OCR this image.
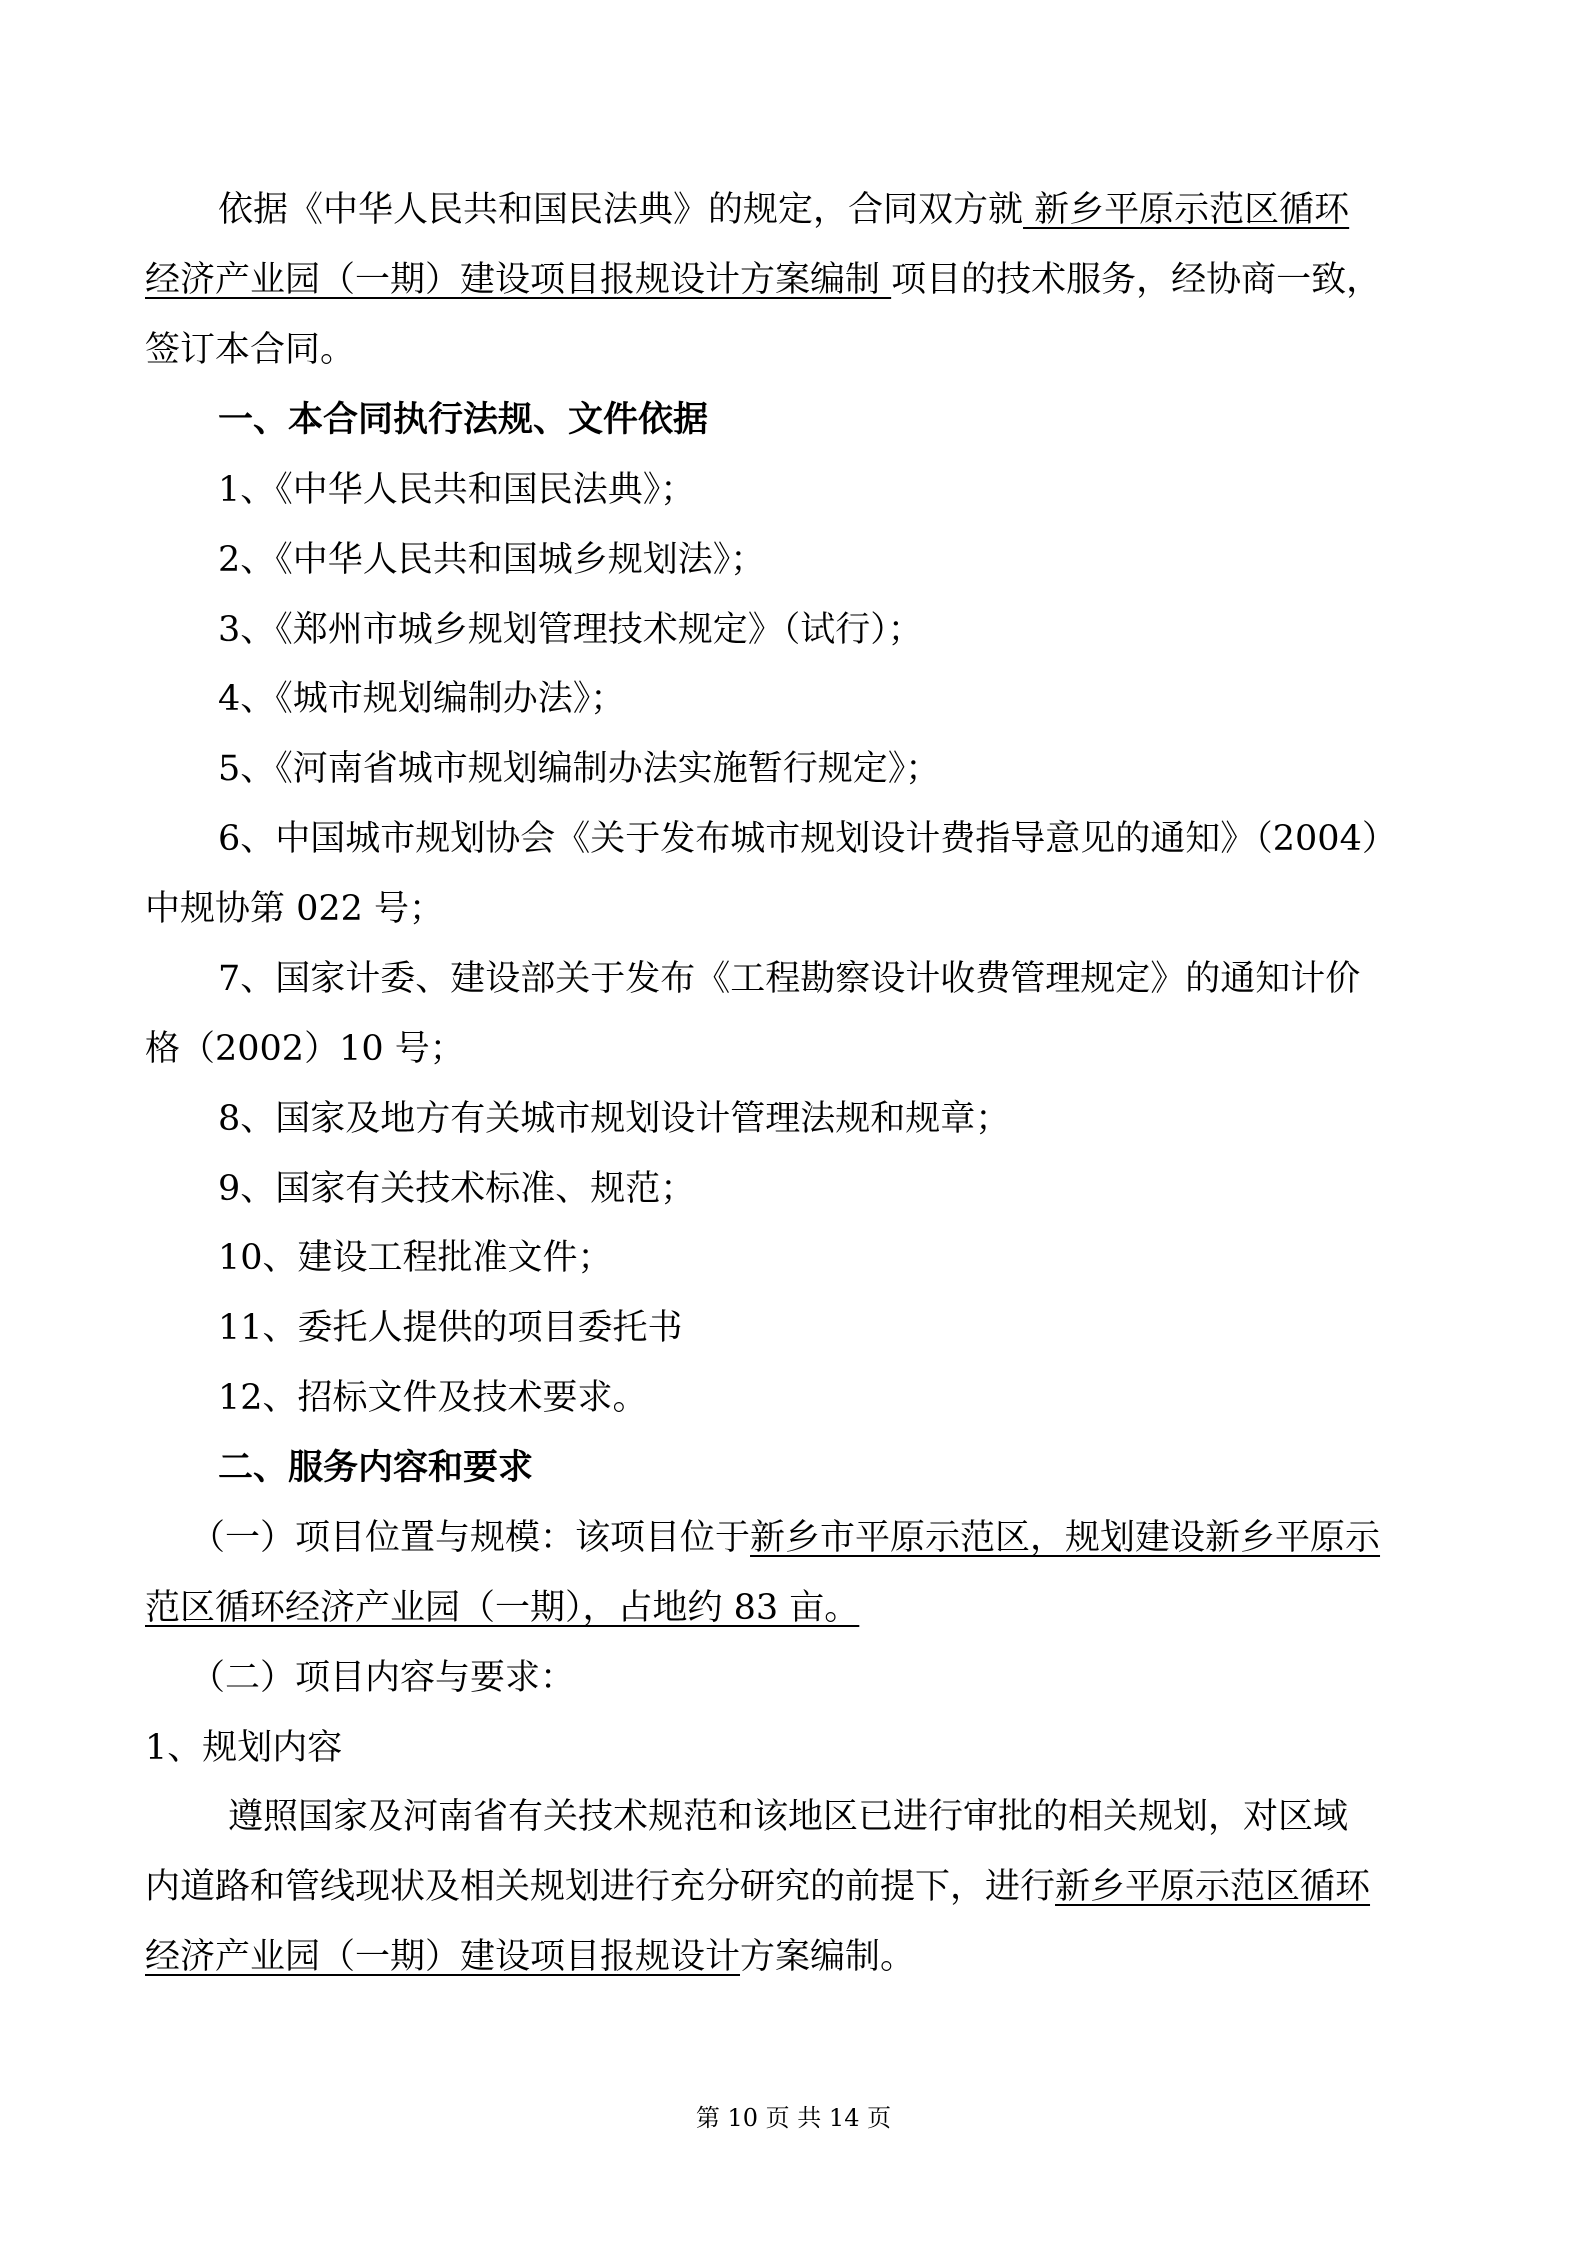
依据《中华人民共和国民法典》的规定，合同双方就 新乡平原示范区循环
经济产业园（一期）建设项目报规设计方案编制 项目的技术服务，经协商一致，
签订本合同。
一、本合同执行法规、文件依据
1、《中华人民共和国民法典》；
2、《中华人民共和国城乡规划法》；
3、《郑州市城乡规划管理技术规定》（试行）；
4、《城市规划编制办法》；
5、《河南省城市规划编制办法实施暂行规定》；
6、中国城市规划协会《关于发布城市规划设计费指导意见的通知》（2004）
中规协第 022 号；
7、国家计委、建设部关于发布《工程勘察设计收费管理规定》的通知计价
格（2002）10 号；
8、国家及地方有关城市规划设计管理法规和规章；
9、国家有关技术标准、规范；
10、建设工程批准文件；
11、委托人提供的项目委托书
12、招标文件及技术要求。
二、服务内容和要求
（一）项目位置与规模：该项目位于新乡市平原示范区，规划建设新乡平原示
范区循环经济产业园（一期），占地约 83 亩。
（二）项目内容与要求：
1、规划内容
遵照国家及河南省有关技术规范和该地区已进行审批的相关规划，对区域
内道路和管线现状及相关规划进行充分研究的前提下，进行新乡平原示范区循环
经济产业园（一期）建设项目报规设计方案编制。
第 10 页 共 14 页
